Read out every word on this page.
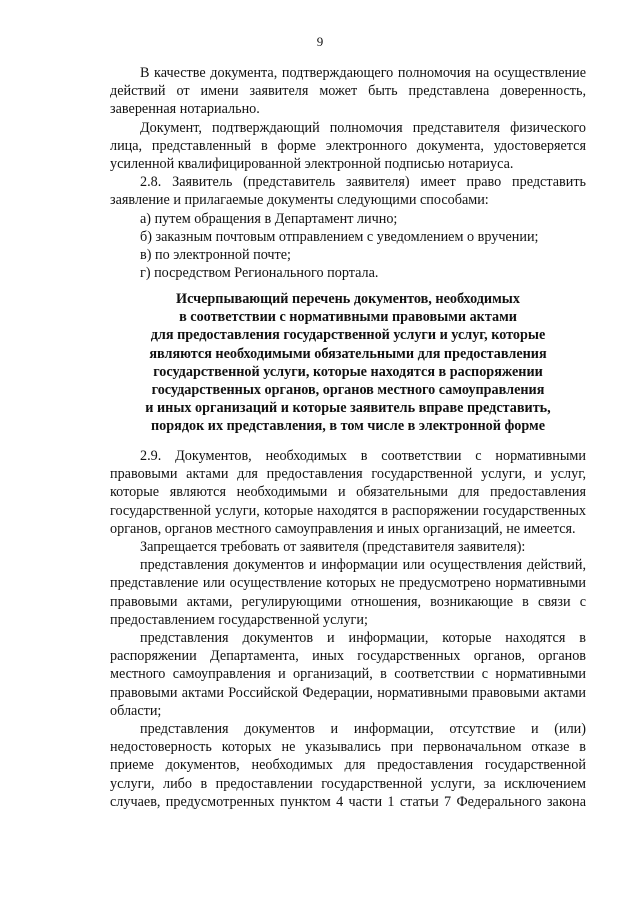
9

В качестве документа, подтверждающего полномочия на осуществление действий от имени заявителя может быть представлена доверенность, заверенная нотариально.

Документ, подтверждающий полномочия представителя физического лица, представленный в форме электронного документа, удостоверяется усиленной квалифицированной электронной подписью нотариуса.

2.8. Заявитель (представитель заявителя) имеет право представить заявление и прилагаемые документы следующими способами:

а) путем обращения в Департамент лично;

б) заказным почтовым отправлением с уведомлением о вручении;

в) по электронной почте;

г) посредством Регионального портала.

Исчерпывающий перечень документов, необходимых
в соответствии с нормативными правовыми актами
для предоставления государственной услуги и услуг, которые
являются необходимыми обязательными для предоставления
государственной услуги, которые находятся в распоряжении
государственных органов, органов местного самоуправления
и иных организаций и которые заявитель вправе представить,
порядок их представления, в том числе в электронной форме

2.9. Документов, необходимых в соответствии с нормативными правовыми актами для предоставления государственной услуги, и услуг, которые являются необходимыми и обязательными для предоставления государственной услуги, которые находятся в распоряжении государственных органов, органов местного самоуправления и иных организаций, не имеется.

Запрещается требовать от заявителя (представителя заявителя):

представления документов и информации или осуществления действий, представление или осуществление которых не предусмотрено нормативными правовыми актами, регулирующими отношения, возникающие в связи с предоставлением государственной услуги;

представления документов и информации, которые находятся в распоряжении Департамента, иных государственных органов, органов местного самоуправления и организаций, в соответствии с нормативными правовыми актами Российской Федерации, нормативными правовыми актами области;

представления документов и информации, отсутствие и (или) недостоверность которых не указывались при первоначальном отказе в приеме документов, необходимых для предоставления государственной услуги, либо в предоставлении государственной услуги, за исключением случаев, предусмотренных пунктом 4 части 1 статьи 7 Федерального закона
